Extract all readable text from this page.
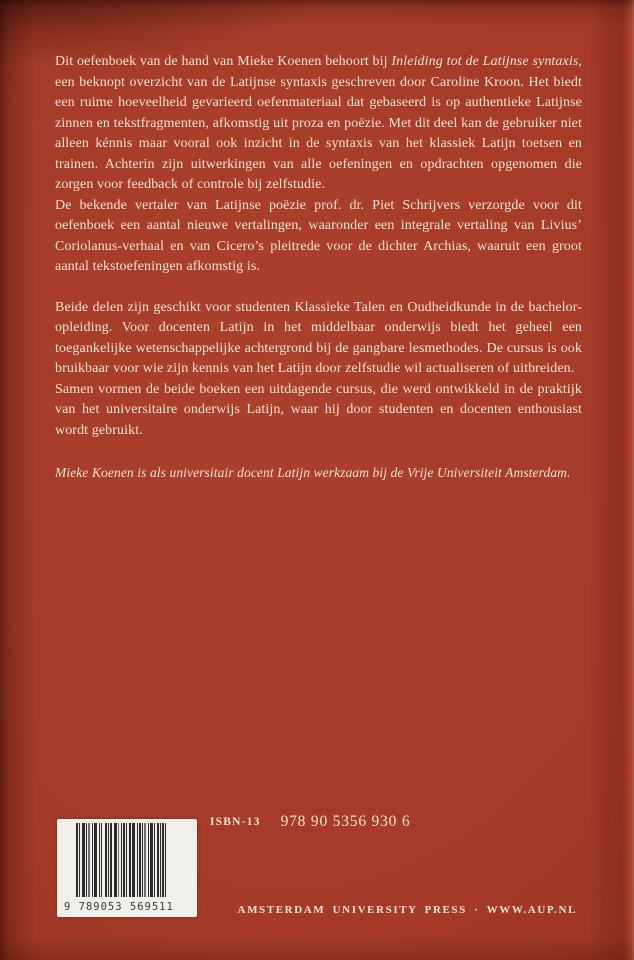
Dit oefenboek van de hand van Mieke Koenen behoort bij Inleiding tot de Latijnse syntaxis, een beknopt overzicht van de Latijnse syntaxis geschreven door Caroline Kroon. Het biedt een ruime hoeveelheid gevarieerd oefenmateriaal dat gebaseerd is op authentieke Latijnse zinnen en tekstfragmenten, afkomstig uit proza en poëzie. Met dit deel kan de gebruiker niet alleen kénnis maar vooral ook inzicht in de syntaxis van het klassiek Latijn toetsen en trainen. Achterin zijn uitwerkingen van alle oefeningen en opdrachten opgenomen die zorgen voor feedback of controle bij zelfstudie.

De bekende vertaler van Latijnse poëzie prof. dr. Piet Schrijvers verzorgde voor dit oefenboek een aantal nieuwe vertalingen, waaronder een integrale vertaling van Livius’ Coriolanus-verhaal en van Cicero’s pleitrede voor de dichter Archias, waaruit een groot aantal tekstoefeningen afkomstig is.

Beide delen zijn geschikt voor studenten Klassieke Talen en Oudheidkunde in de bachelor-opleiding. Voor docenten Latijn in het middelbaar onderwijs biedt het geheel een toegankelijke wetenschappelijke achtergrond bij de gangbare lesmethodes. De cursus is ook bruikbaar voor wie zijn kennis van het Latijn door zelfstudie wil actualiseren of uitbreiden.

Samen vormen de beide boeken een uitdagende cursus, die werd ontwikkeld in de praktijk van het universitaire onderwijs Latijn, waar hij door studenten en docenten enthousiast wordt gebruikt.

Mieke Koenen is als universitair docent Latijn werkzaam bij de Vrije Universiteit Amsterdam.

9 789053 569511
ISBN-13 978 90 5356 930 6
AMSTERDAM UNIVERSITY PRESS · WWW.AUP.NL
